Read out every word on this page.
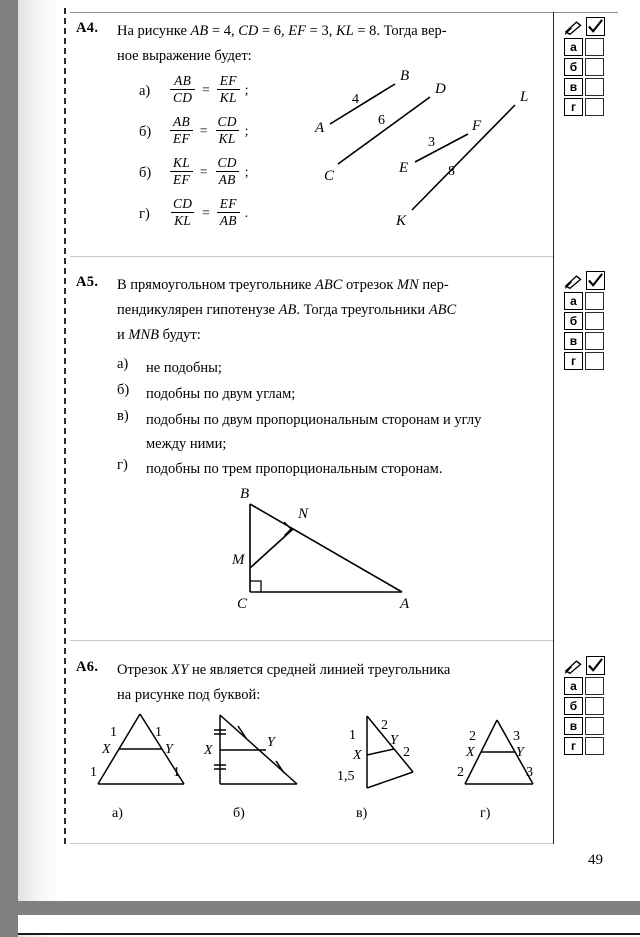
A4. На рисунке AB = 4, CD = 6, EF = 3, KL = 8. Тогда вер-
ное выражение будет:
$а) \frac{AB}{CD} = \frac{EF}{KL}$ ;
$б) \frac{AB}{EF} = \frac{CD}{KL}$ ;
$б) \frac{KL}{EF} = \frac{CD}{AB}$ ;
$г) \frac{CD}{KL} = \frac{EF}{AB}$ .
A
B
4
C
D
6
E
F
3
K
L
8
а
б
в
г
A5. В прямоугольном треугольнике ABC отрезок MN пер-
пендикулярен гипотенузе AB. Тогда треугольники ABC
и MNB будут:
а) не подобны;
б) подобны по двум углам;
в) подобны по двум пропорциональным сторонам и углу
между ними;
г) подобны по трем пропорциональным сторонам.
B
N
M
C	A
а
б
в
г
A6. Отрезок XY не является средней линией треугольника
на рисунке под буквой:
1	1
1	1
X	Y
а)
X
Y
б)
1
2
1,5
2
X
Y
в)
2	3
2	3
X	Y
г)
а
б
в
г
49
